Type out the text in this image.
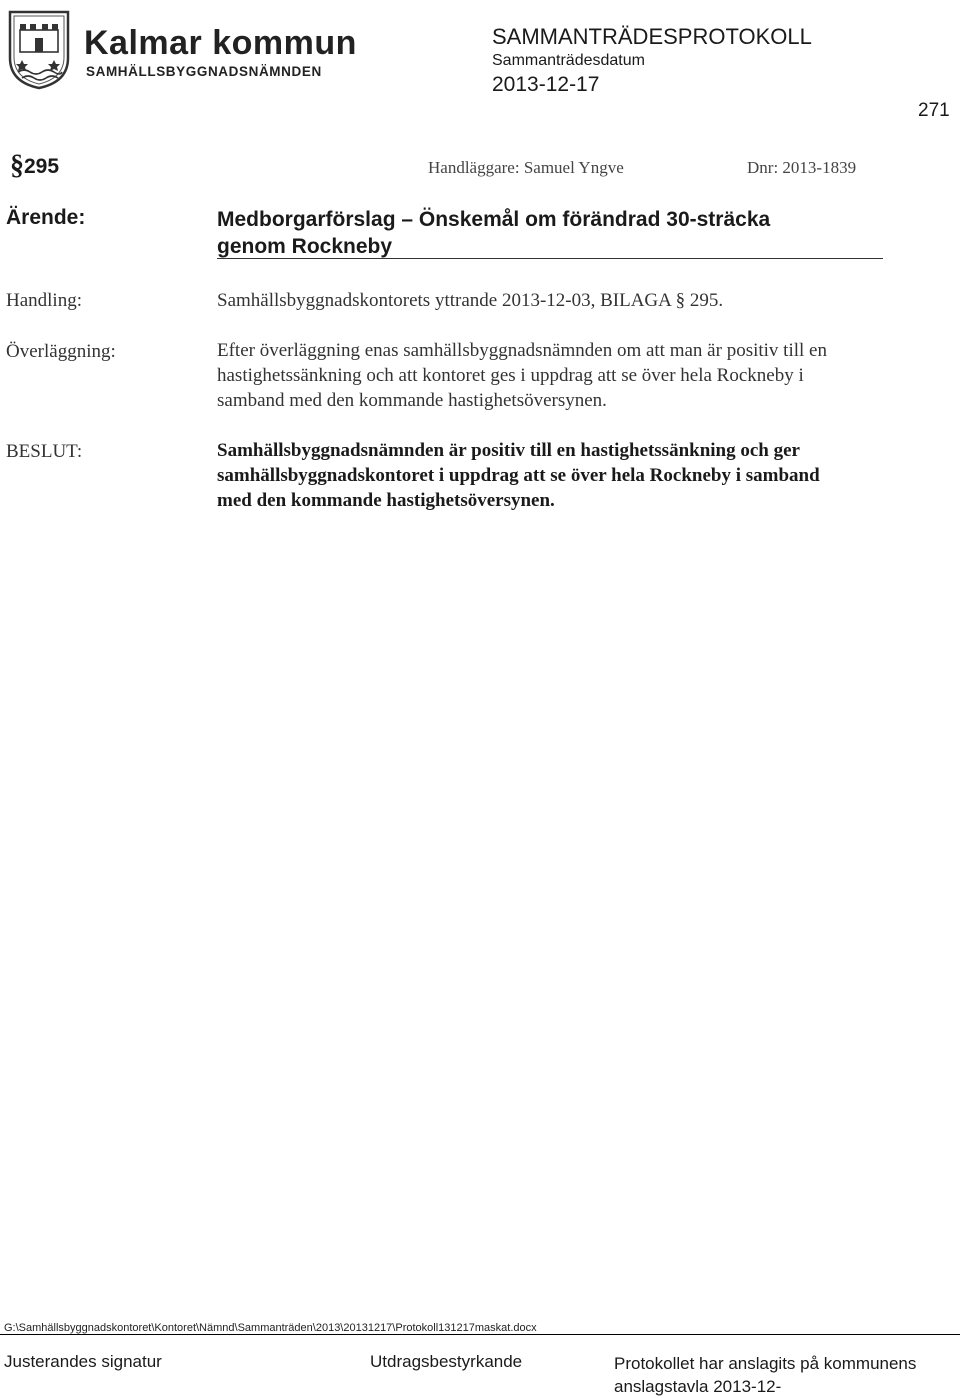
Kalmar kommun
SAMHÄLLSBYGGNADSNÄMNDEN
SAMMANTRÄDESPROTOKOLL
Sammanträdesdatum
2013-12-17
271
§ 295	Handläggare: Samuel Yngve	Dnr: 2013-1839
Ärende:	Medborgarförslag – Önskemål om förändrad 30-sträcka
genom Rockneby
Handling:	Samhällsbyggnadskontorets yttrande 2013-12-03, BILAGA § 295.
Överläggning:	Efter överläggning enas samhällsbyggnadsnämnden om att man är positiv till en
hastighetssänkning och att kontoret ges i uppdrag att se över hela Rockneby i
samband med den kommande hastighetsöversynen.
BESLUT:	Samhällsbyggnadsnämnden är positiv till en hastighetssänkning och ger
samhällsbyggnadskontoret i uppdrag att se över hela Rockneby i samband
med den kommande hastighetsöversynen.
G:\Samhällsbyggnadskontoret\Kontoret\Nämnd\Sammanträden\2013\20131217\Protokoll131217maskat.docx
Justerandes signatur	Utdragsbestyrkande	Protokollet har anslagits på kommunens
anslagstavla 2013-12-
